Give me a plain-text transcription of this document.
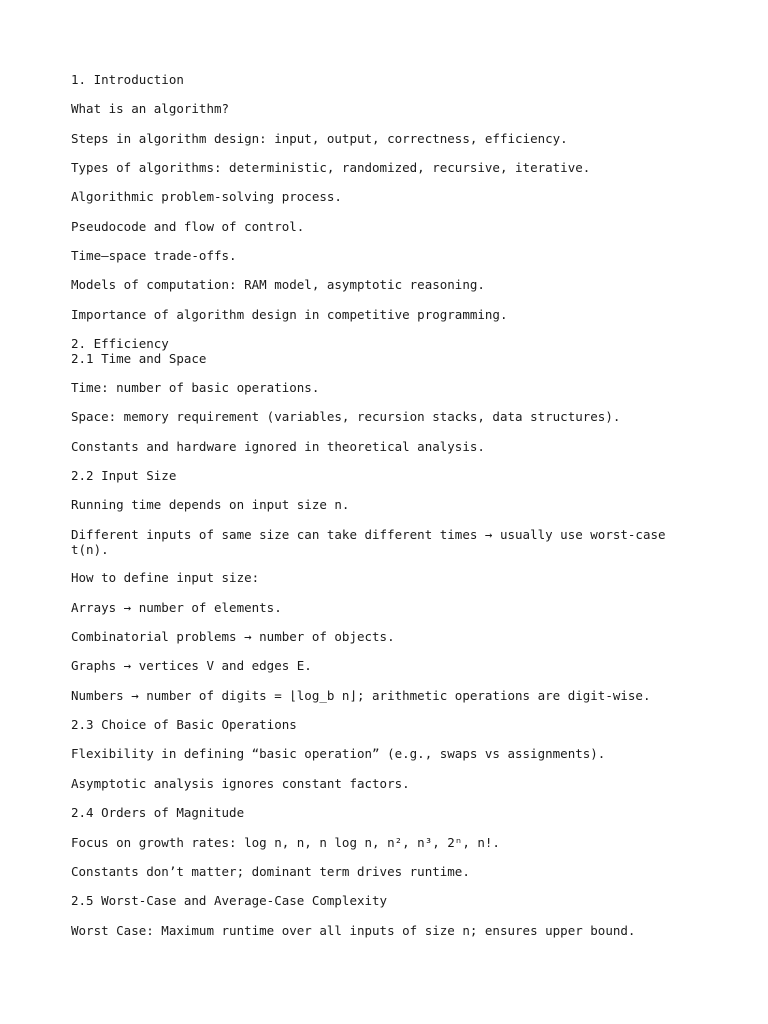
1. Introduction

What is an algorithm?

Steps in algorithm design: input, output, correctness, efficiency.

Types of algorithms: deterministic, randomized, recursive, iterative.

Algorithmic problem-solving process.

Pseudocode and flow of control.

Time–space trade-offs.

Models of computation: RAM model, asymptotic reasoning.

Importance of algorithm design in competitive programming.

2. Efficiency

2.1 Time and Space

Time: number of basic operations.

Space: memory requirement (variables, recursion stacks, data structures).

Constants and hardware ignored in theoretical analysis.

2.2 Input Size

Running time depends on input size n.

Different inputs of same size can take different times → usually use worst-case t(n).

How to define input size:

Arrays → number of elements.

Combinatorial problems → number of objects.

Graphs → vertices V and edges E.

Numbers → number of digits = ⌊log_b n⌋; arithmetic operations are digit-wise.

2.3 Choice of Basic Operations

Flexibility in defining “basic operation” (e.g., swaps vs assignments).

Asymptotic analysis ignores constant factors.

2.4 Orders of Magnitude

Focus on growth rates: log n, n, n log n, n², n³, 2ⁿ, n!.

Constants don’t matter; dominant term drives runtime.

2.5 Worst-Case and Average-Case Complexity

Worst Case: Maximum runtime over all inputs of size n; ensures upper bound.
